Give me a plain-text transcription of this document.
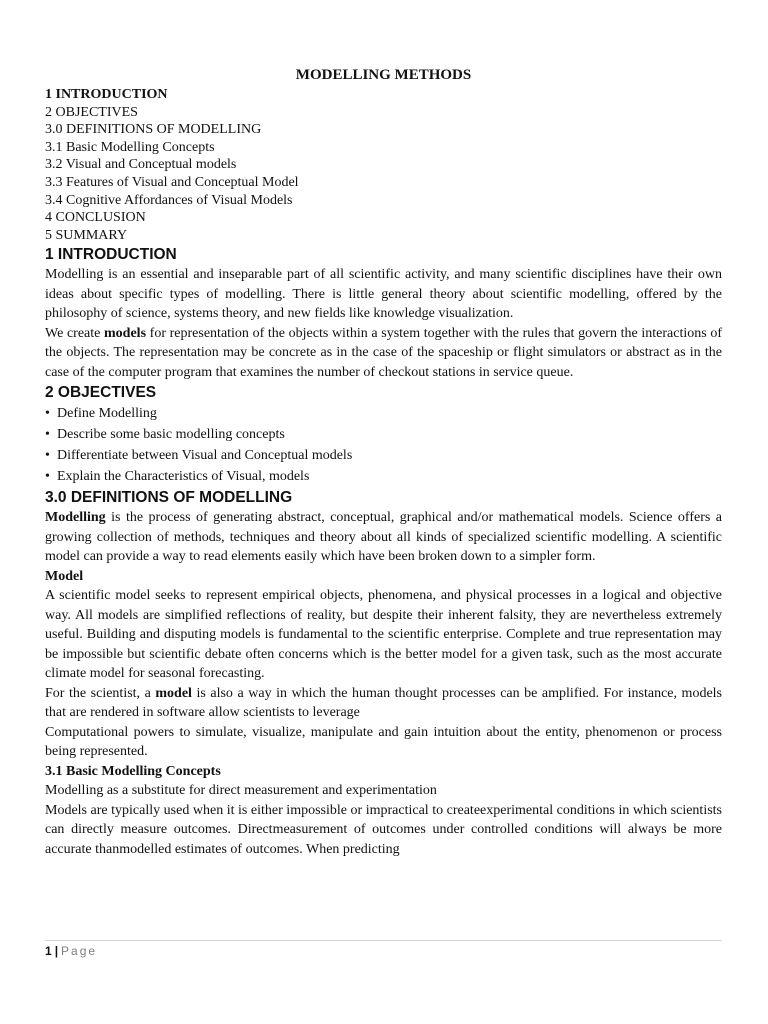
MODELLING METHODS
1 INTRODUCTION
2 OBJECTIVES
3.0 DEFINITIONS OF MODELLING
3.1 Basic Modelling Concepts
3.2 Visual and Conceptual models
3.3 Features of Visual and Conceptual Model
3.4 Cognitive Affordances of Visual Models
4 CONCLUSION
5 SUMMARY
1 INTRODUCTION

Modelling is an essential and inseparable part of all scientific activity, and many scientific disciplines have their own ideas about specific types of modelling. There is little general theory about scientific modelling, offered by the philosophy of science, systems theory, and new fields like knowledge visualization.

We create models for representation of the objects within a system together with the rules that govern the interactions of the objects. The representation may be concrete as in the case of the spaceship or flight simulators or abstract as in the case of the computer program that examines the number of checkout stations in service queue.

2 OBJECTIVES
• Define Modelling
• Describe some basic modelling concepts
• Differentiate between Visual and Conceptual models
• Explain the Characteristics of Visual, models
3.0 DEFINITIONS OF MODELLING

Modelling is the process of generating abstract, conceptual, graphical and/or mathematical models. Science offers a growing collection of methods, techniques and theory about all kinds of specialized scientific modelling. A scientific model can provide a way to read elements easily which have been broken down to a simpler form.

Model

A scientific model seeks to represent empirical objects, phenomena, and physical processes in a logical and objective way. All models are simplified reflections of reality, but despite their inherent falsity, they are nevertheless extremely useful. Building and disputing models is fundamental to the scientific enterprise. Complete and true representation may be impossible but scientific debate often concerns which is the better model for a given task, such as the most accurate climate model for seasonal forecasting.

For the scientist, a model is also a way in which the human thought processes can be amplified. For instance, models that are rendered in software allow scientists to leverage

Computational powers to simulate, visualize, manipulate and gain intuition about the entity, phenomenon or process being represented.

3.1 Basic Modelling Concepts

Modelling as a substitute for direct measurement and experimentation

Models are typically used when it is either impossible or impractical to createexperimental conditions in which scientists can directly measure outcomes. Directmeasurement of outcomes under controlled conditions will always be more accurate thanmodelled estimates of outcomes. When predicting

1 | Page
